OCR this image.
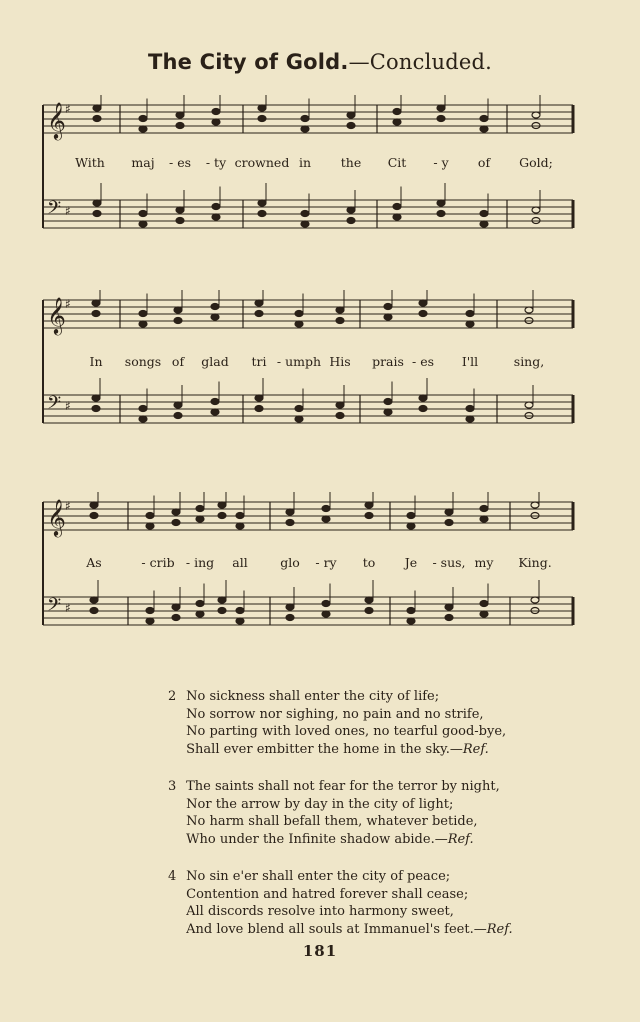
The City of Gold.—Concluded.
𝄞 ♯
𝄢 ♯
With maj - es - ty crowned in the Cit - y of Gold;
𝄞 ♯
𝄢 ♯
In songs of glad tri - umph His prais - es I'll	sing,
𝄞 ♯
𝄢 ♯
As	- crib - ing all	glo - ry to Je - sus, my King.
2 No sickness shall enter the city of life;
No sorrow nor sighing, no pain and no strife,
No parting with loved ones, no tearful good-bye,
Shall ever embitter the home in the sky.—Ref.
3 The saints shall not fear for the terror by night,
Nor the arrow by day in the city of light;
No harm shall befall them, whatever betide,
Who under the Infinite shadow abide.—Ref.
4 No sin e'er shall enter the city of peace;
Contention and hatred forever shall cease;
All discords resolve into harmony sweet,
And love blend all souls at Immanuel's feet.—Ref.
181
